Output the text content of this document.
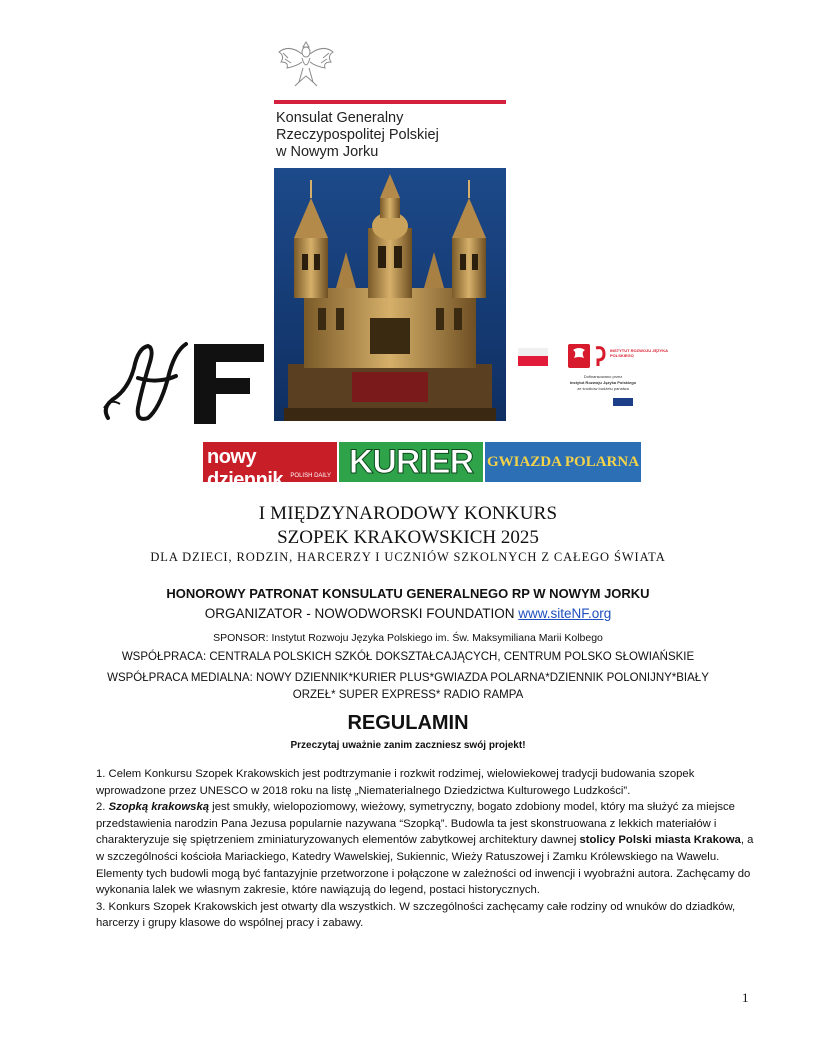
Konsulat Generalny
Rzeczypospolitej Polskiej
w Nowym Jorku
INSTYTUT ROZWOJU JĘZYKA POLSKIEGO
Dofinansowano przez
Instytut Rozwoju Języka Polskiego
ze środków budżetu państwa
nowy dziennik	POLISH DAILY KURIER GWIAZDA POLARNA
I MIĘDZYNARODOWY KONKURS
SZOPEK KRAKOWSKICH 2025
DLA DZIECI, RODZIN, HARCERZY I UCZNIÓW SZKOLNYCH Z CAŁEGO ŚWIATA
HONOROWY PATRONAT KONSULATU GENERALNEGO RP W NOWYM JORKU
ORGANIZATOR - NOWODWORSKI FOUNDATION www.siteNF.org
SPONSOR: Instytut Rozwoju Języka Polskiego im. Św. Maksymiliana Marii Kolbego
WSPÓŁPRACA: CENTRALA POLSKICH SZKÓŁ DOKSZTAŁCAJĄCYCH, CENTRUM POLSKO SŁOWIAŃSKIE
WSPÓŁPRACA MEDIALNA: NOWY DZIENNIK*KURIER PLUS*GWIAZDA POLARNA*DZIENNIK POLONIJNY*BIAŁY
ORZEŁ* SUPER EXPRESS* RADIO RAMPA
REGULAMIN
Przeczytaj uważnie zanim zaczniesz swój projekt!

1. Celem Konkursu Szopek Krakowskich jest podtrzymanie i rozkwit rodzimej, wielowiekowej tradycji budowania szopek wprowadzone przez UNESCO w 2018 roku na listę „Niematerialnego Dziedzictwa Kulturowego Ludzkości”.

2. Szopką krakowską jest smukły, wielopoziomowy, wieżowy, symetryczny, bogato zdobiony model, który ma służyć za miejsce przedstawienia narodzin Pana Jezusa popularnie nazywana “Szopką”. Budowla ta jest skonstruowana z lekkich materiałów i charakteryzuje się spiętrzeniem zminiaturyzowanych elementów zabytkowej architektury dawnej stolicy Polski miasta Krakowa, a w szczególności kościoła Mariackiego, Katedry Wawelskiej, Sukiennic, Wieży Ratuszowej i Zamku Królewskiego na Wawelu. Elementy tych budowli mogą być fantazyjnie przetworzone i połączone w zależności od inwencji i wyobraźni autora. Zachęcamy do wykonania lalek we własnym zakresie, które nawiązują do legend, postaci historycznych.

3. Konkurs Szopek Krakowskich jest otwarty dla wszystkich. W szczególności zachęcamy całe rodziny od wnuków do dziadków, harcerzy i grupy klasowe do wspólnej pracy i zabawy.

1
